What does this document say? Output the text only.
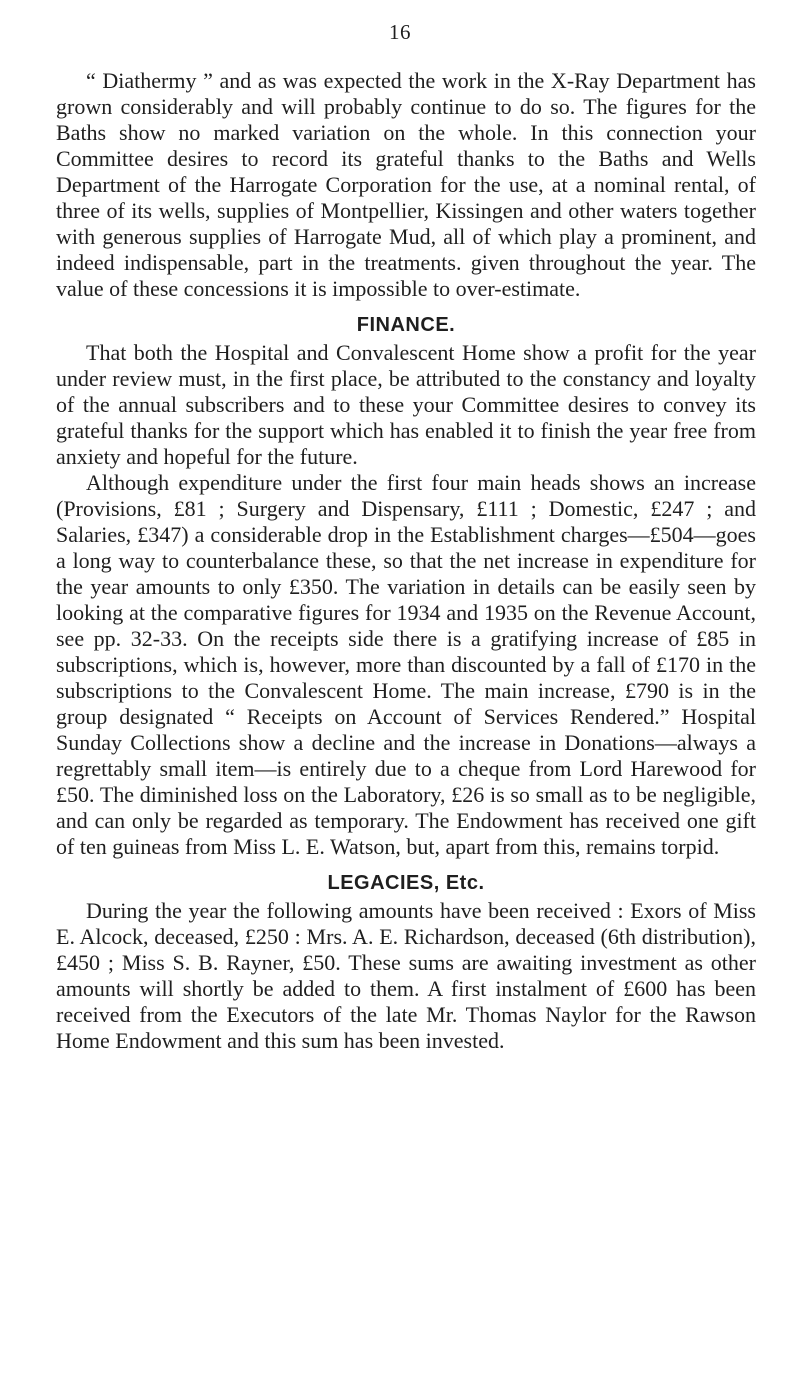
16

“ Diathermy ” and as was expected the work in the X-Ray Department has grown considerably and will probably continue to do so. The figures for the Baths show no marked variation on the whole. In this connection your Committee desires to record its grateful thanks to the Baths and Wells Department of the Harrogate Corporation for the use, at a nominal rental, of three of its wells, supplies of Montpellier, Kissingen and other waters together with generous supplies of Harrogate Mud, all of which play a prominent, and indeed indispensable, part in the treatments. given throughout the year. The value of these concessions it is impossible to over-estimate.

FINANCE.

That both the Hospital and Convalescent Home show a profit for the year under review must, in the first place, be attributed to the constancy and loyalty of the annual subscribers and to these your Committee desires to convey its grateful thanks for the support which has enabled it to finish the year free from anxiety and hopeful for the future.

Although expenditure under the first four main heads shows an increase (Provisions, £81 ; Surgery and Dispensary, £111 ; Domestic, £247 ; and Salaries, £347) a considerable drop in the Establishment charges—£504—goes a long way to counterbalance these, so that the net increase in expenditure for the year amounts to only £350. The variation in details can be easily seen by looking at the comparative figures for 1934 and 1935 on the Revenue Account, see pp. 32-33. On the receipts side there is a gratifying increase of £85 in subscriptions, which is, however, more than discounted by a fall of £170 in the subscriptions to the Convalescent Home. The main increase, £790 is in the group designated “ Receipts on Account of Services Rendered.” Hospital Sunday Collections show a decline and the increase in Donations—always a regrettably small item—is entirely due to a cheque from Lord Harewood for £50. The diminished loss on the Laboratory, £26 is so small as to be negligible, and can only be regarded as temporary. The Endowment has received one gift of ten guineas from Miss L. E. Watson, but, apart from this, remains torpid.

LEGACIES, Etc.

During the year the following amounts have been received : Exors of Miss E. Alcock, deceased, £250 : Mrs. A. E. Richardson, deceased (6th distribution), £450 ; Miss S. B. Rayner, £50. These sums are awaiting investment as other amounts will shortly be added to them. A first instalment of £600 has been received from the Executors of the late Mr. Thomas Naylor for the Rawson Home Endowment and this sum has been invested.
